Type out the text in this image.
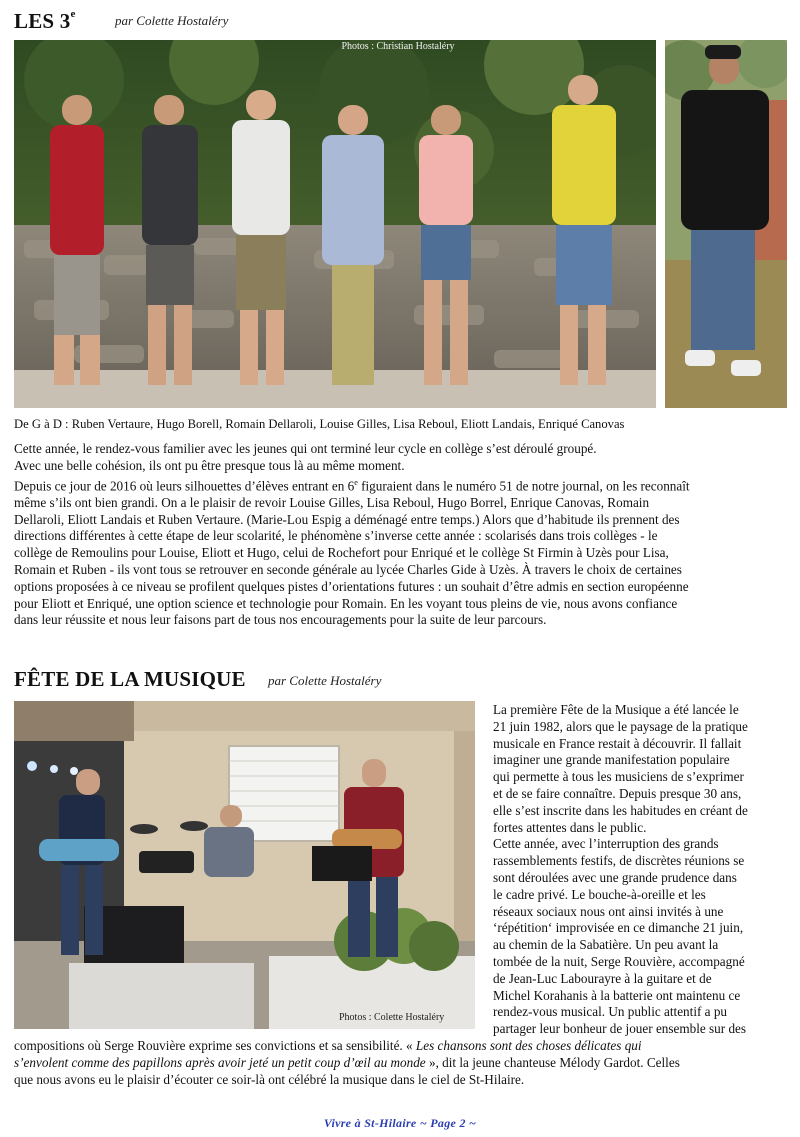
LES 3e	par Colette Hostaléry
Photos : Christian Hostaléry
De G à D : Ruben Vertaure, Hugo Borell, Romain Dellaroli, Louise Gilles, Lisa Reboul, Eliott Landais, Enriqué Canovas
Cette année, le rendez-vous familier avec les jeunes qui ont terminé leur cycle en collège s’est déroulé groupé.
Avec une belle cohésion, ils ont pu être presque tous là au même moment.
Depuis ce jour de 2016 où leurs silhouettes d’élèves entrant en 6e figuraient dans le numéro 51 de notre journal, on les reconnaît
même s’ils ont bien grandi. On a le plaisir de revoir Louise Gilles, Lisa Reboul, Hugo Borrel, Enrique Canovas, Romain
Dellaroli, Eliott Landais et Ruben Vertaure. (Marie-Lou Espig a déménagé entre temps.) Alors que d’habitude ils prennent des
directions différentes à cette étape de leur scolarité, le phénomène s’inverse cette année : scolarisés dans trois collèges - le
collège de Remoulins pour Louise, Eliott et Hugo, celui de Rochefort pour Enriqué et le collège St Firmin à Uzès pour Lisa,
Romain et Ruben - ils vont tous se retrouver en seconde générale au lycée Charles Gide à Uzès. À travers le choix de certaines
options proposées à ce niveau se profilent quelques pistes d’orientations futures : un souhait d’être admis en section européenne
pour Eliott et Enriqué, une option science et technologie pour Romain. En les voyant tous pleins de vie, nous avons confiance
dans leur réussite et nous leur faisons part de tous nos encouragements pour la suite de leur parcours.
FÊTE DE LA MUSIQUE par Colette Hostaléry
Photos : Colette Hostaléry
La première Fête de la Musique a été lancée le
21 juin 1982, alors que le paysage de la pratique
musicale en France restait à découvrir. Il fallait
imaginer une grande manifestation populaire
qui permette à tous les musiciens de s’exprimer
et de se faire connaître. Depuis presque 30 ans,
elle s’est inscrite dans les habitudes en créant de
fortes attentes dans le public.
Cette année, avec l’interruption des grands
rassemblements festifs, de discrètes réunions se
sont déroulées avec une grande prudence dans
le cadre privé. Le bouche-à-oreille et les
réseaux sociaux nous ont ainsi invités à une
‘répétition‘ improvisée en ce dimanche 21 juin,
au chemin de la Sabatière. Un peu avant la
tombée de la nuit, Serge Rouvière, accompagné
de Jean-Luc Labourayre à la guitare et de
Michel Korahanis à la batterie ont maintenu ce
rendez-vous musical. Un public attentif a pu
partager leur bonheur de jouer ensemble sur des
compositions où Serge Rouvière exprime ses convictions et sa sensibilité. « Les chansons sont des choses délicates qui
s’envolent comme des papillons après avoir jeté un petit coup d’œil au monde », dit la jeune chanteuse Mélody Gardot. Celles
que nous avons eu le plaisir d’écouter ce soir-là ont célébré la musique dans le ciel de St-Hilaire.
Vivre à St-Hilaire ~ Page 2 ~
